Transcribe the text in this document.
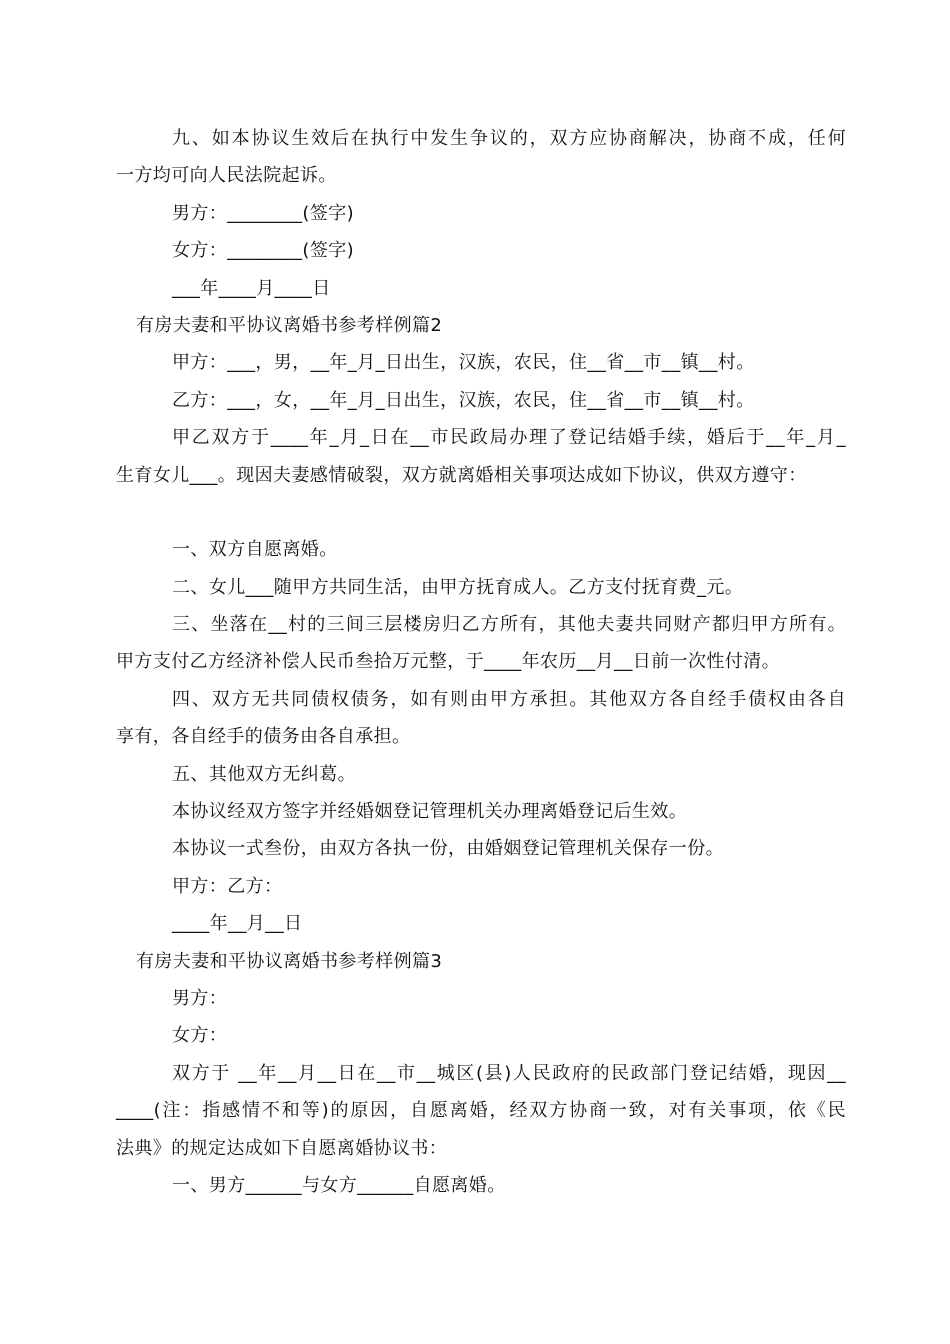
九、如本协议生效后在执行中发生争议的，双方应协商解决，协商不成，任何
一方均可向人民法院起诉。
男方：________(签字)
女方：________(签字)
___年____月____日
有房夫妻和平协议离婚书参考样例篇2
甲方：___，男，__年_月_日出生，汉族，农民，住__省__市__镇__村。
乙方：___，女，__年_月_日出生，汉族，农民，住__省__市__镇__村。
甲乙双方于____年_月_日在__市民政局办理了登记结婚手续，婚后于__年_月_
生育女儿___。现因夫妻感情破裂，双方就离婚相关事项达成如下协议，供双方遵守：
一、双方自愿离婚。
二、女儿___随甲方共同生活，由甲方抚育成人。乙方支付抚育费_元。
三、坐落在__村的三间三层楼房归乙方所有，其他夫妻共同财产都归甲方所有。
甲方支付乙方经济补偿人民币叁拾万元整，于____年农历__月__日前一次性付清。
四、双方无共同债权债务，如有则由甲方承担。其他双方各自经手债权由各自
享有，各自经手的债务由各自承担。
五、其他双方无纠葛。
本协议经双方签字并经婚姻登记管理机关办理离婚登记后生效。
本协议一式叁份，由双方各执一份，由婚姻登记管理机关保存一份。
甲方：乙方：
____年__月__日
有房夫妻和平协议离婚书参考样例篇3
男方：
女方：
双方于 __年__月__日在__市__城区(县)人民政府的民政部门登记结婚，现因__
____(注：指感情不和等)的原因，自愿离婚，经双方协商一致，对有关事项，依《民
法典》的规定达成如下自愿离婚协议书：
一、男方______与女方______自愿离婚。
